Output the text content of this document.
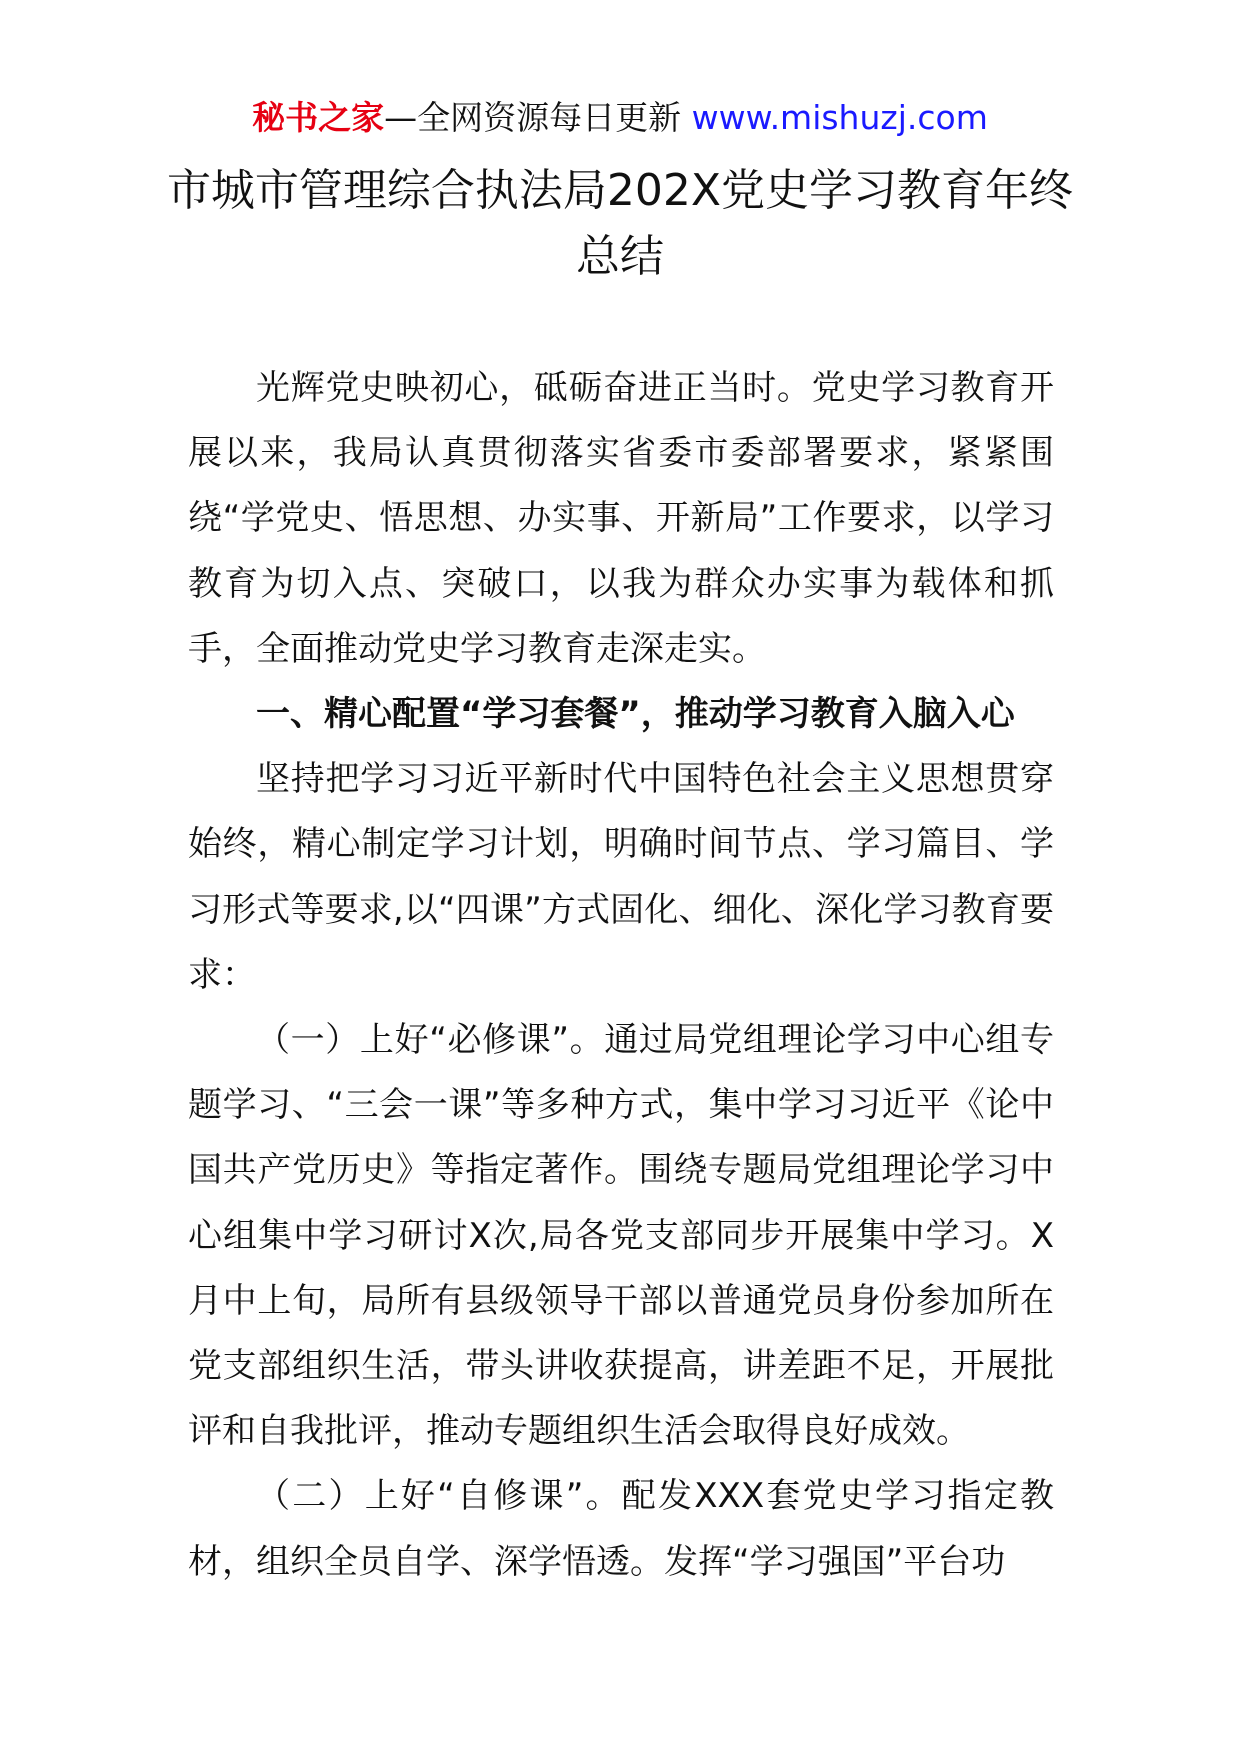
秘书之家—全网资源每日更新 www.mishuzj.com
市城市管理综合执法局202X党史学习教育年终总结

光辉党史映初心，砥砺奋进正当时。党史学习教育开展以来，我局认真贯彻落实省委市委部署要求，紧紧围绕“学党史、悟思想、办实事、开新局”工作要求，以学习教育为切入点、突破口，以我为群众办实事为载体和抓手，全面推动党史学习教育走深走实。

一、精心配置“学习套餐”，推动学习教育入脑入心

坚持把学习习近平新时代中国特色社会主义思想贯穿始终，精心制定学习计划，明确时间节点、学习篇目、学习形式等要求,以“四课”方式固化、细化、深化学习教育要求：

（一）上好“必修课”。通过局党组理论学习中心组专题学习、“三会一课”等多种方式，集中学习习近平《论中国共产党历史》等指定著作。围绕专题局党组理论学习中心组集中学习研讨X次,局各党支部同步开展集中学习。X月中上旬，局所有县级领导干部以普通党员身份参加所在党支部组织生活，带头讲收获提高，讲差距不足，开展批评和自我批评，推动专题组织生活会取得良好成效。

（二）上好“自修课”。配发XXX套党史学习指定教材，组织全员自学、深学悟透。发挥“学习强国”平台功
